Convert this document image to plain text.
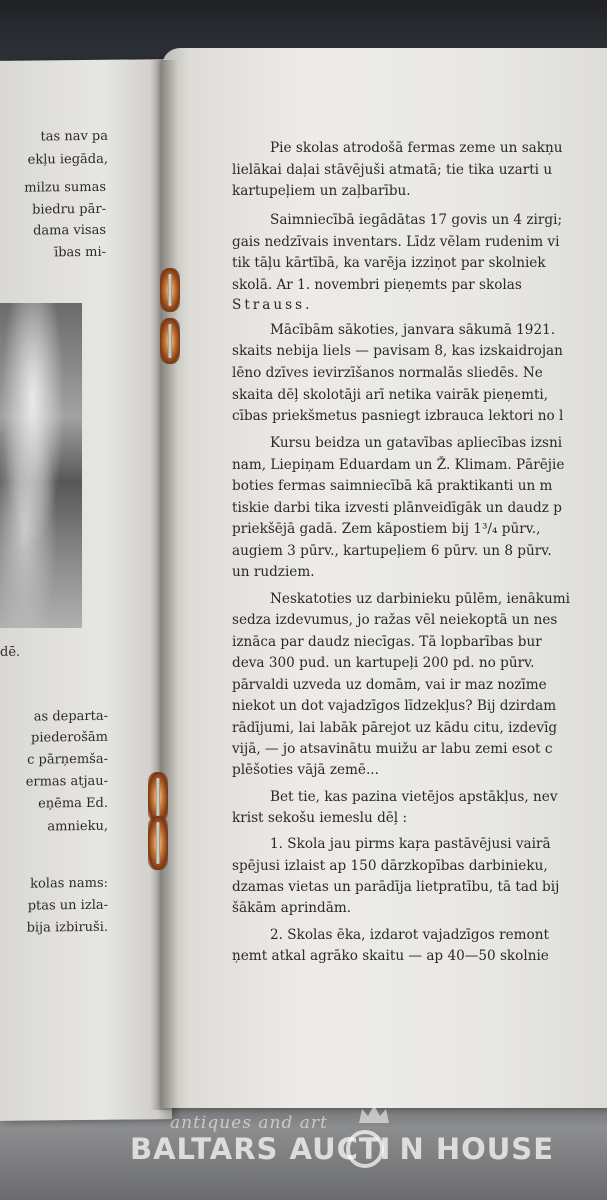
tas nav pa
ekļu iegāda,
milzu sumas
biedru pār-
dama visas
ības mi-
dē.
as departa-
piederošām
c pārņemša-
ermas atjau-
eņēma Ed.
amnieku,
kolas nams:
ptas un izla-
bija izbiruši.
Pie skolas atrodošā fermas zeme un sakņu
lielākai daļai stāvējuši atmatā; tie tika uzarti u
kartupeļiem un zaļbarību.
Saimniecībā iegādātas 17 govis un 4 zirgi;
gais nedzīvais inventars. Līdz vēlam rudenim vi
tik tāļu kārtībā, ka varēja izziņot par skolniek
skolā. Ar 1. novembri pieņemts par skolas
Strauss.
Mācībām sākoties, janvara sākumā 1921.
skaits nebija liels — pavisam 8, kas izskaidrojan
lēno dzīves ievirzīšanos normalās sliedēs. Ne
skaita dēļ skolotāji arī netika vairāk pieņemti,
cības priekšmetus pasniegt izbrauca lektori no l
Kursu beidza un gatavības apliecības izsni
nam, Liepiņam Eduardam un Ž. Klimam. Pārējie
boties fermas saimniecībā kā praktikanti un m
tiskie darbi tika izvesti plānveidīgāk un daudz p
priekšējā gadā. Zem kāpostiem bij 1³/₄ pūrv.,
augiem 3 pūrv., kartupeļiem 6 pūrv. un 8 pūrv.
un rudziem.
Neskatoties uz darbinieku pūlēm, ienākumi
sedza izdevumus, jo ražas vēl neiekoptā un nes
iznāca par daudz niecīgas. Tā lopbarības bur
deva 300 pud. un kartupeļi 200 pd. no pūrv.
pārvaldi uzveda uz domām, vai ir maz nozīme
niekot un dot vajadzīgos līdzekļus? Bij dzirdam
rādījumi, lai labāk pārejot uz kādu citu, izdevīg
vijā, — jo atsavinātu muižu ar labu zemi esot c
plēšoties vājā zemē...
Bet tie, kas pazina vietējos apstākļus, nev
krist sekošu iemeslu dēļ :
1. Skola jau pirms kaŗa pastāvējusi vairā
spējusi izlaist ap 150 dārzkopības darbinieku,
dzamas vietas un parādīja lietpratību, tā tad bij
šākām aprindām.
2. Skolas ēka, izdarot vajadzīgos remont
ņemt atkal agrāko skaitu — ap 40—50 skolnie
antiques and art
BALTARS AUCTI N HOUSE
